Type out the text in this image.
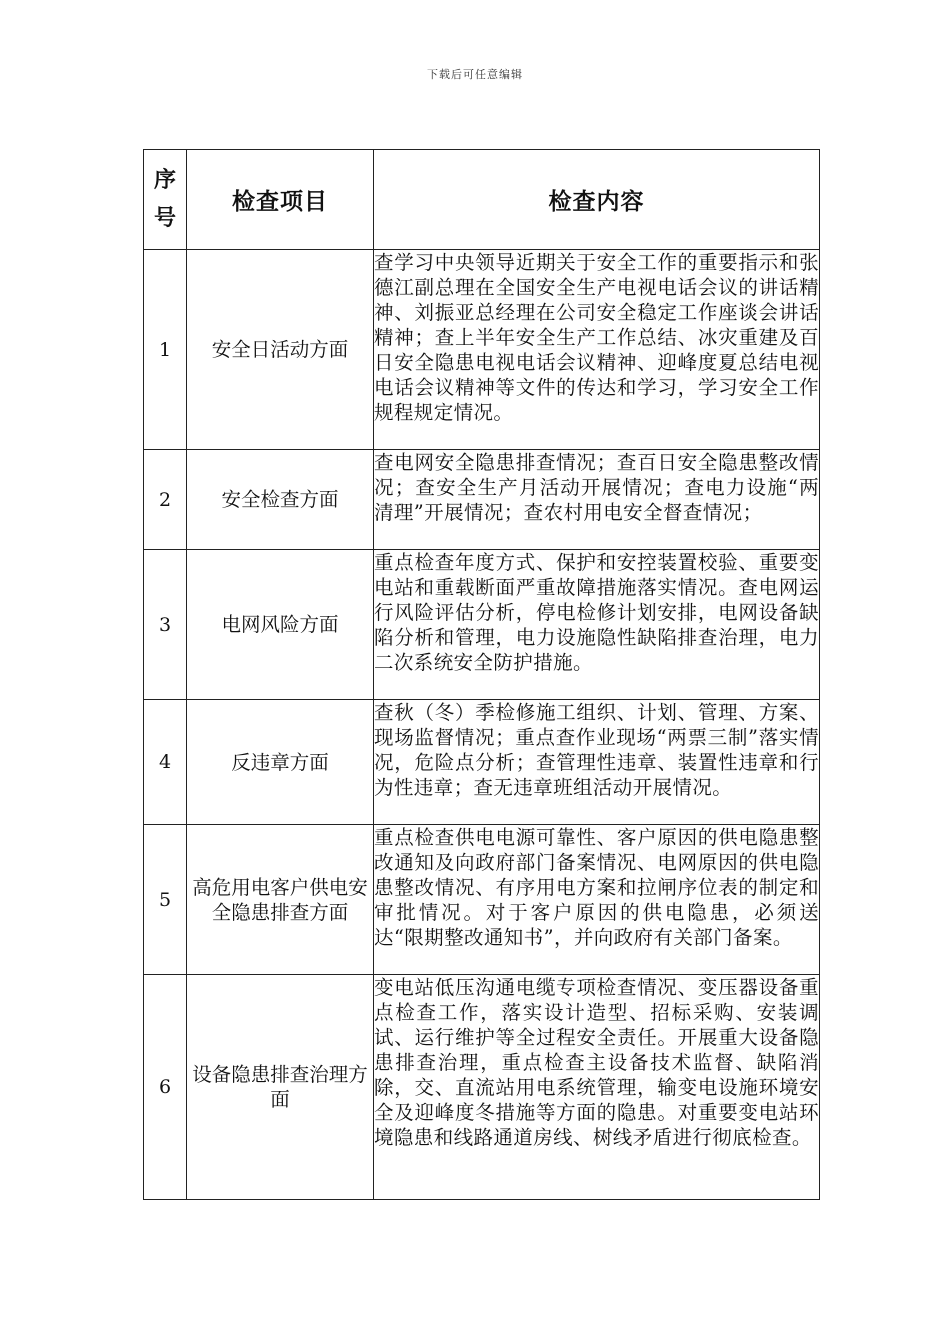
下载后可任意编辑
序
号	检查项目	检查内容
1	安全日活动方面	查学习中央领导近期关于安全工作的重要指示和张德江副总理在全国安全生产电视电话会议的讲话精神、刘振亚总经理在公司安全稳定工作座谈会讲话精神；查上半年安全生产工作总结、冰灾重建及百日安全隐患电视电话会议精神、迎峰度夏总结电视电话会议精神等文件的传达和学习，学习安全工作规程规定情况。
2	安全检查方面	查电网安全隐患排查情况；查百日安全隐患整改情况；查安全生产月活动开展情况；查电力设施“两清理”开展情况；查农村用电安全督查情况；
3	电网风险方面	重点检查年度方式、保护和安控装置校验、重要变电站和重载断面严重故障措施落实情况。查电网运行风险评估分析，停电检修计划安排，电网设备缺陷分析和管理，电力设施隐性缺陷排查治理，电力二次系统安全防护措施。
4	反违章方面	查秋（冬）季检修施工组织、计划、管理、方案、现场监督情况；重点查作业现场“两票三制”落实情况，危险点分析；查管理性违章、装置性违章和行为性违章；查无违章班组活动开展情况。
5	高危用电客户供电安全隐患排查方面	重点检查供电电源可靠性、客户原因的供电隐患整改通知及向政府部门备案情况、电网原因的供电隐患整改情况、有序用电方案和拉闸序位表的制定和审批情况。对于客户原因的供电隐患，必须送达“限期整改通知书”，并向政府有关部门备案。
6	设备隐患排查治理方面	变电站低压沟通电缆专项检查情况、变压器设备重点检查工作，落实设计造型、招标采购、安装调试、运行维护等全过程安全责任。开展重大设备隐患排查治理，重点检查主设备技术监督、缺陷消除，交、直流站用电系统管理，输变电设施环境安全及迎峰度冬措施等方面的隐患。对重要变电站环境隐患和线路通道房线、树线矛盾进行彻底检查。
